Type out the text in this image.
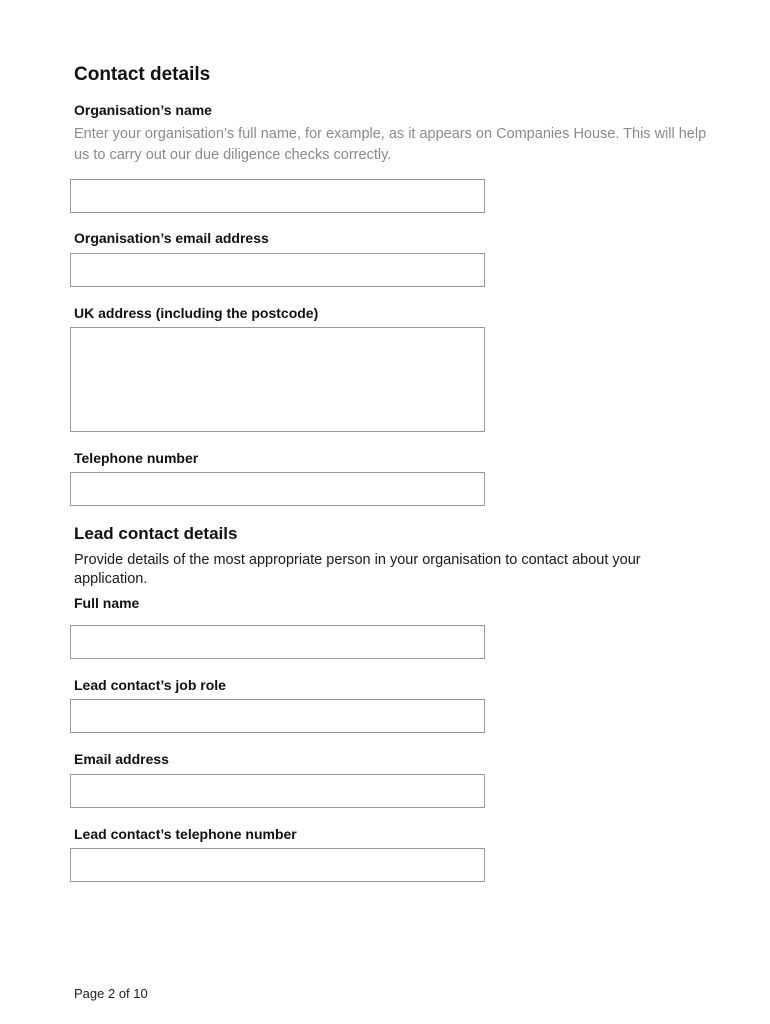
Contact details
Organisation’s name
Enter your organisation’s full name, for example, as it appears on Companies House. This will help us to carry out our due diligence checks correctly.
Organisation’s email address
UK address (including the postcode)
Telephone number
Lead contact details
Provide details of the most appropriate person in your organisation to contact about your application.
Full name
Lead contact’s job role
Email address
Lead contact’s telephone number
Page 2 of 10
